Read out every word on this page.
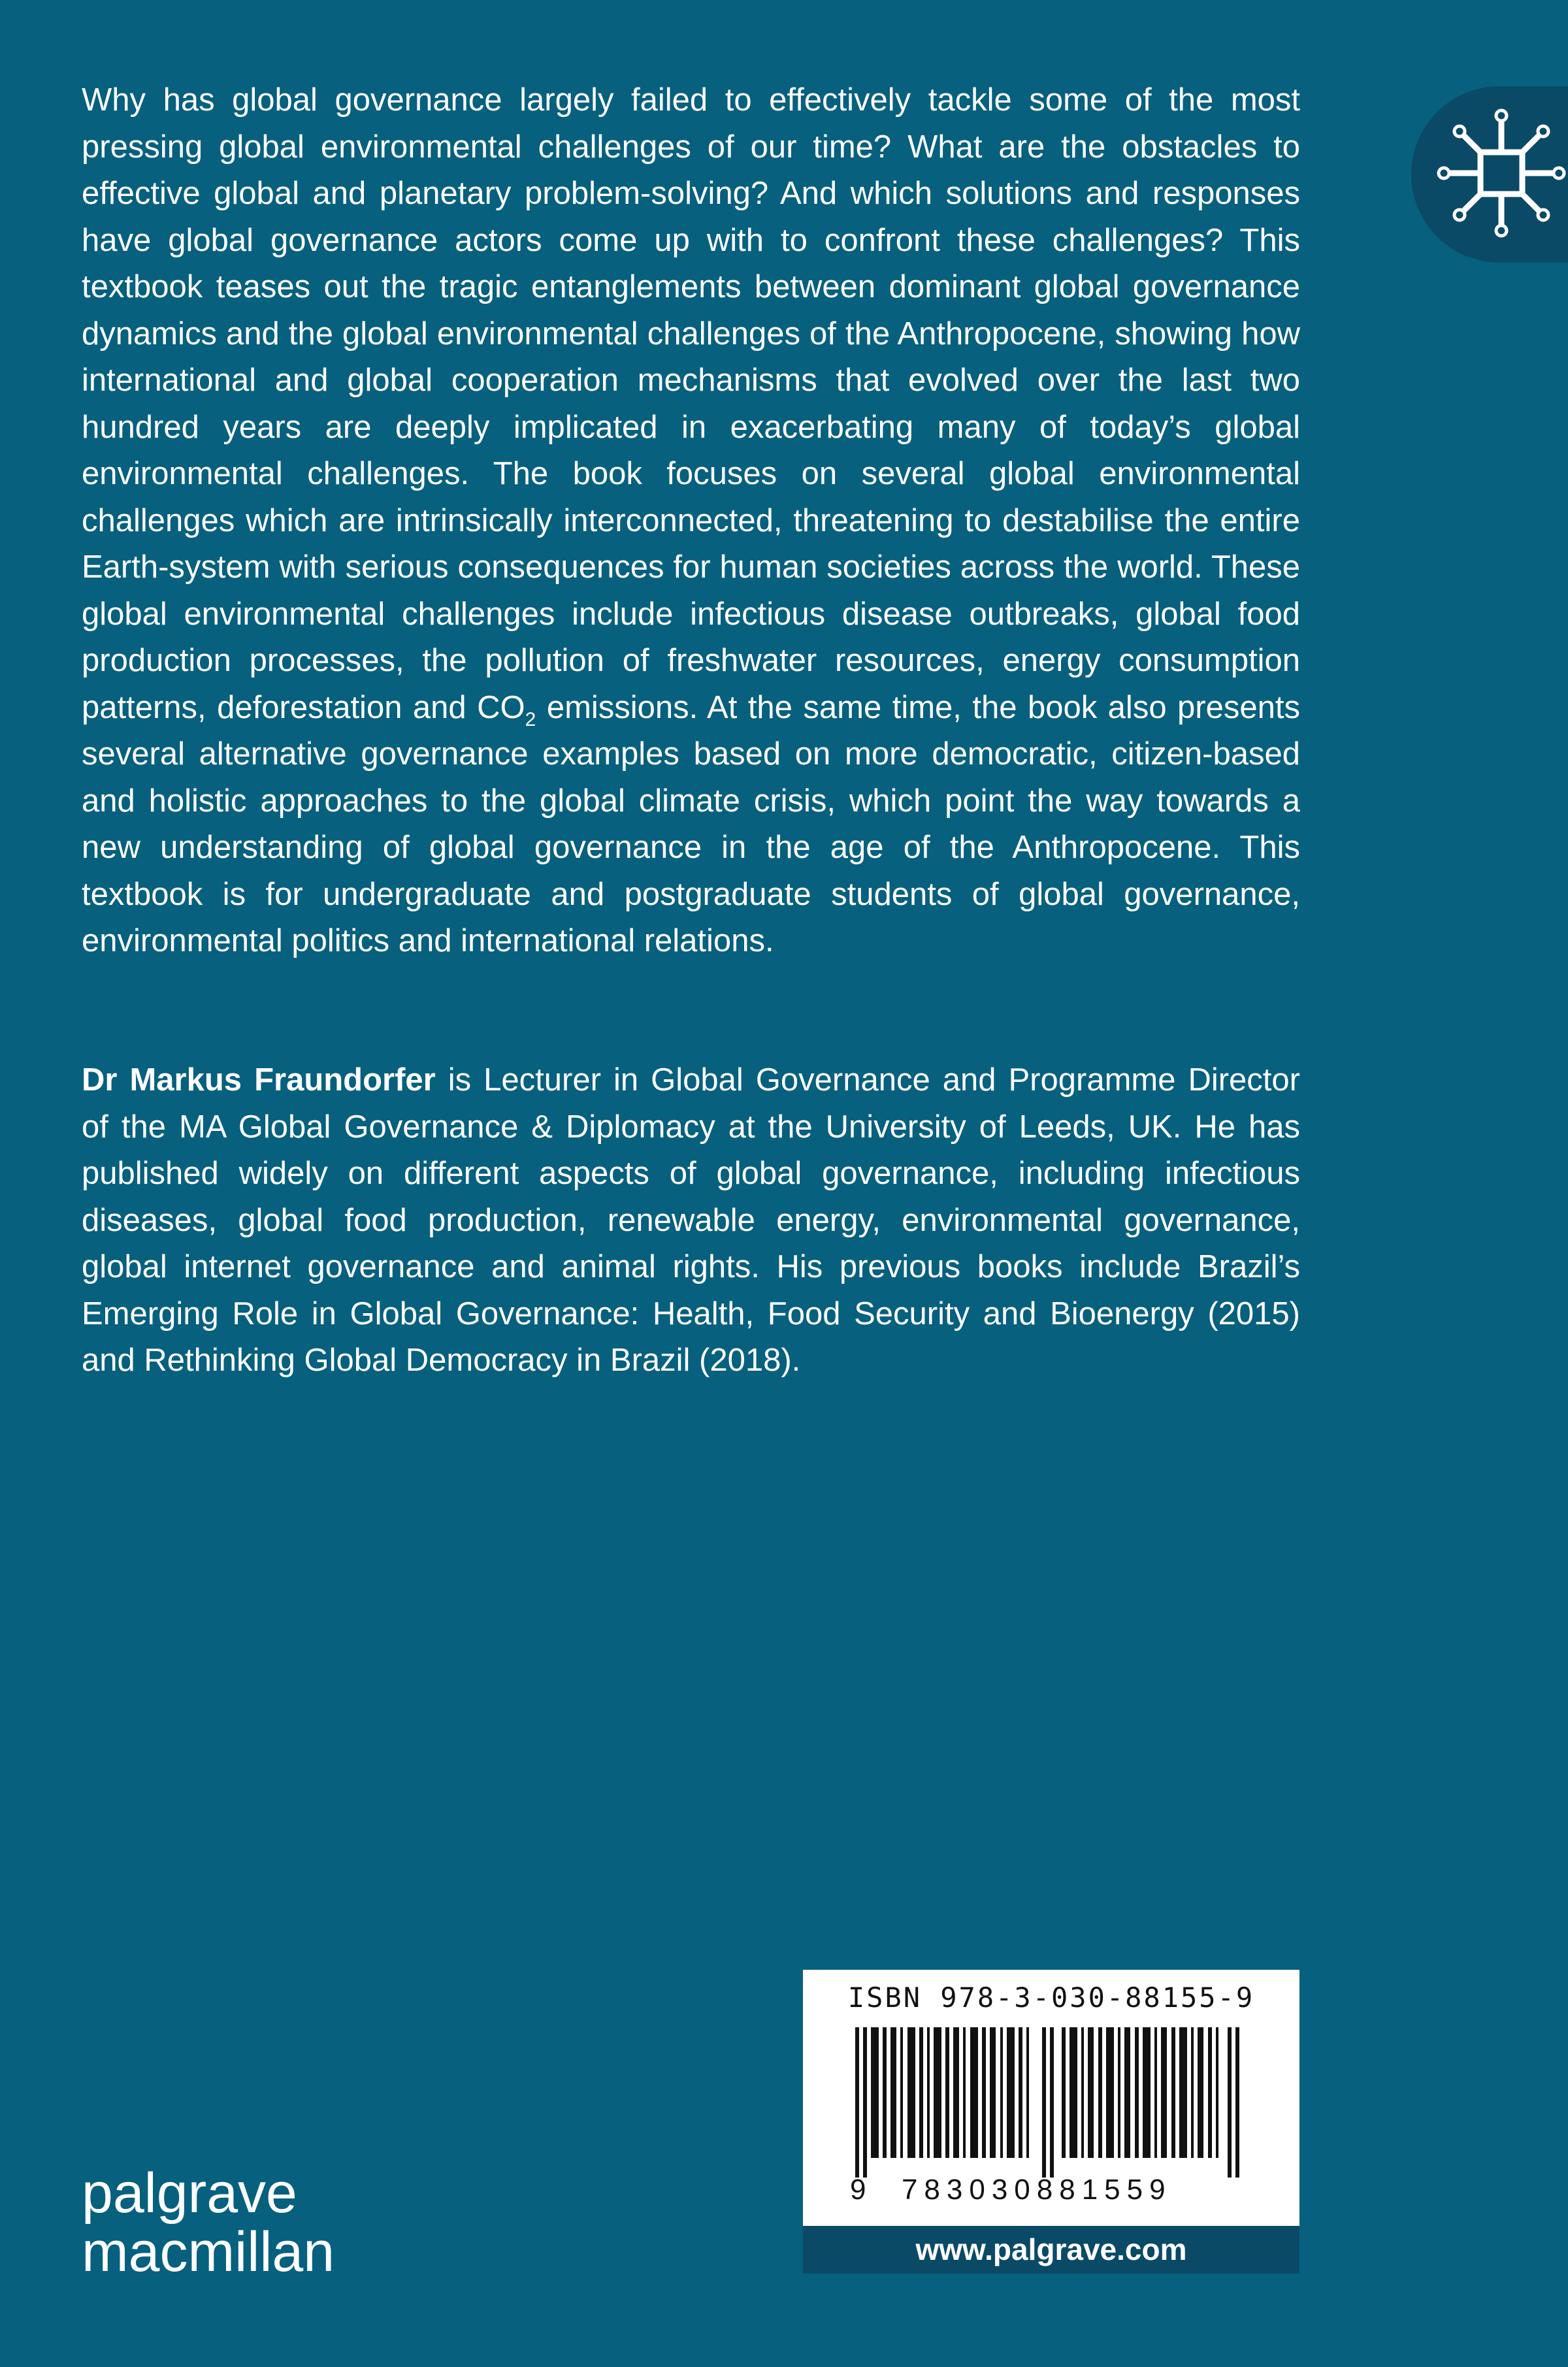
Why has global governance largely failed to effectively tackle some of the most pressing global environmental challenges of our time? What are the obstacles to effective global and planetary problem-solving? And which solutions and responses have global governance actors come up with to confront these challenges? This textbook teases out the tragic entanglements between dominant global governance dynamics and the global environmental challenges of the Anthropocene, showing how international and global cooperation mechanisms that evolved over the last two hundred years are deeply implicated in exacerbating many of today’s global environmental challenges. The book focuses on several global environmental challenges which are intrinsically interconnected, threatening to destabilise the entire Earth-system with serious consequences for human societies across the world. These global environmental challenges include infectious disease outbreaks, global food production processes, the pollution of freshwater resources, energy consumption patterns, deforestation and $CO_2$ emissions. At the same time, the book also presents several alternative governance examples based on more democratic, citizen-based and holistic approaches to the global climate crisis, which point the way towards a new understanding of global governance in the age of the Anthropocene. This textbook is for undergraduate and postgraduate students of global governance, environmental politics and international relations.

Dr Markus Fraundorfer is Lecturer in Global Governance and Programme Director of the MA Global Governance & Diplomacy at the University of Leeds, UK. He has published widely on different aspects of global governance, including infectious diseases, global food production, renewable energy, environmental governance, global internet governance and animal rights. His previous books include Brazil’s Emerging Role in Global Governance: Health, Food Security and Bioenergy (2015) and Rethinking Global Democracy in Brazil (2018).

ISBN 978-3-030-88155-9
9 783030881559
www.palgrave.com
palgrave
macmillan
